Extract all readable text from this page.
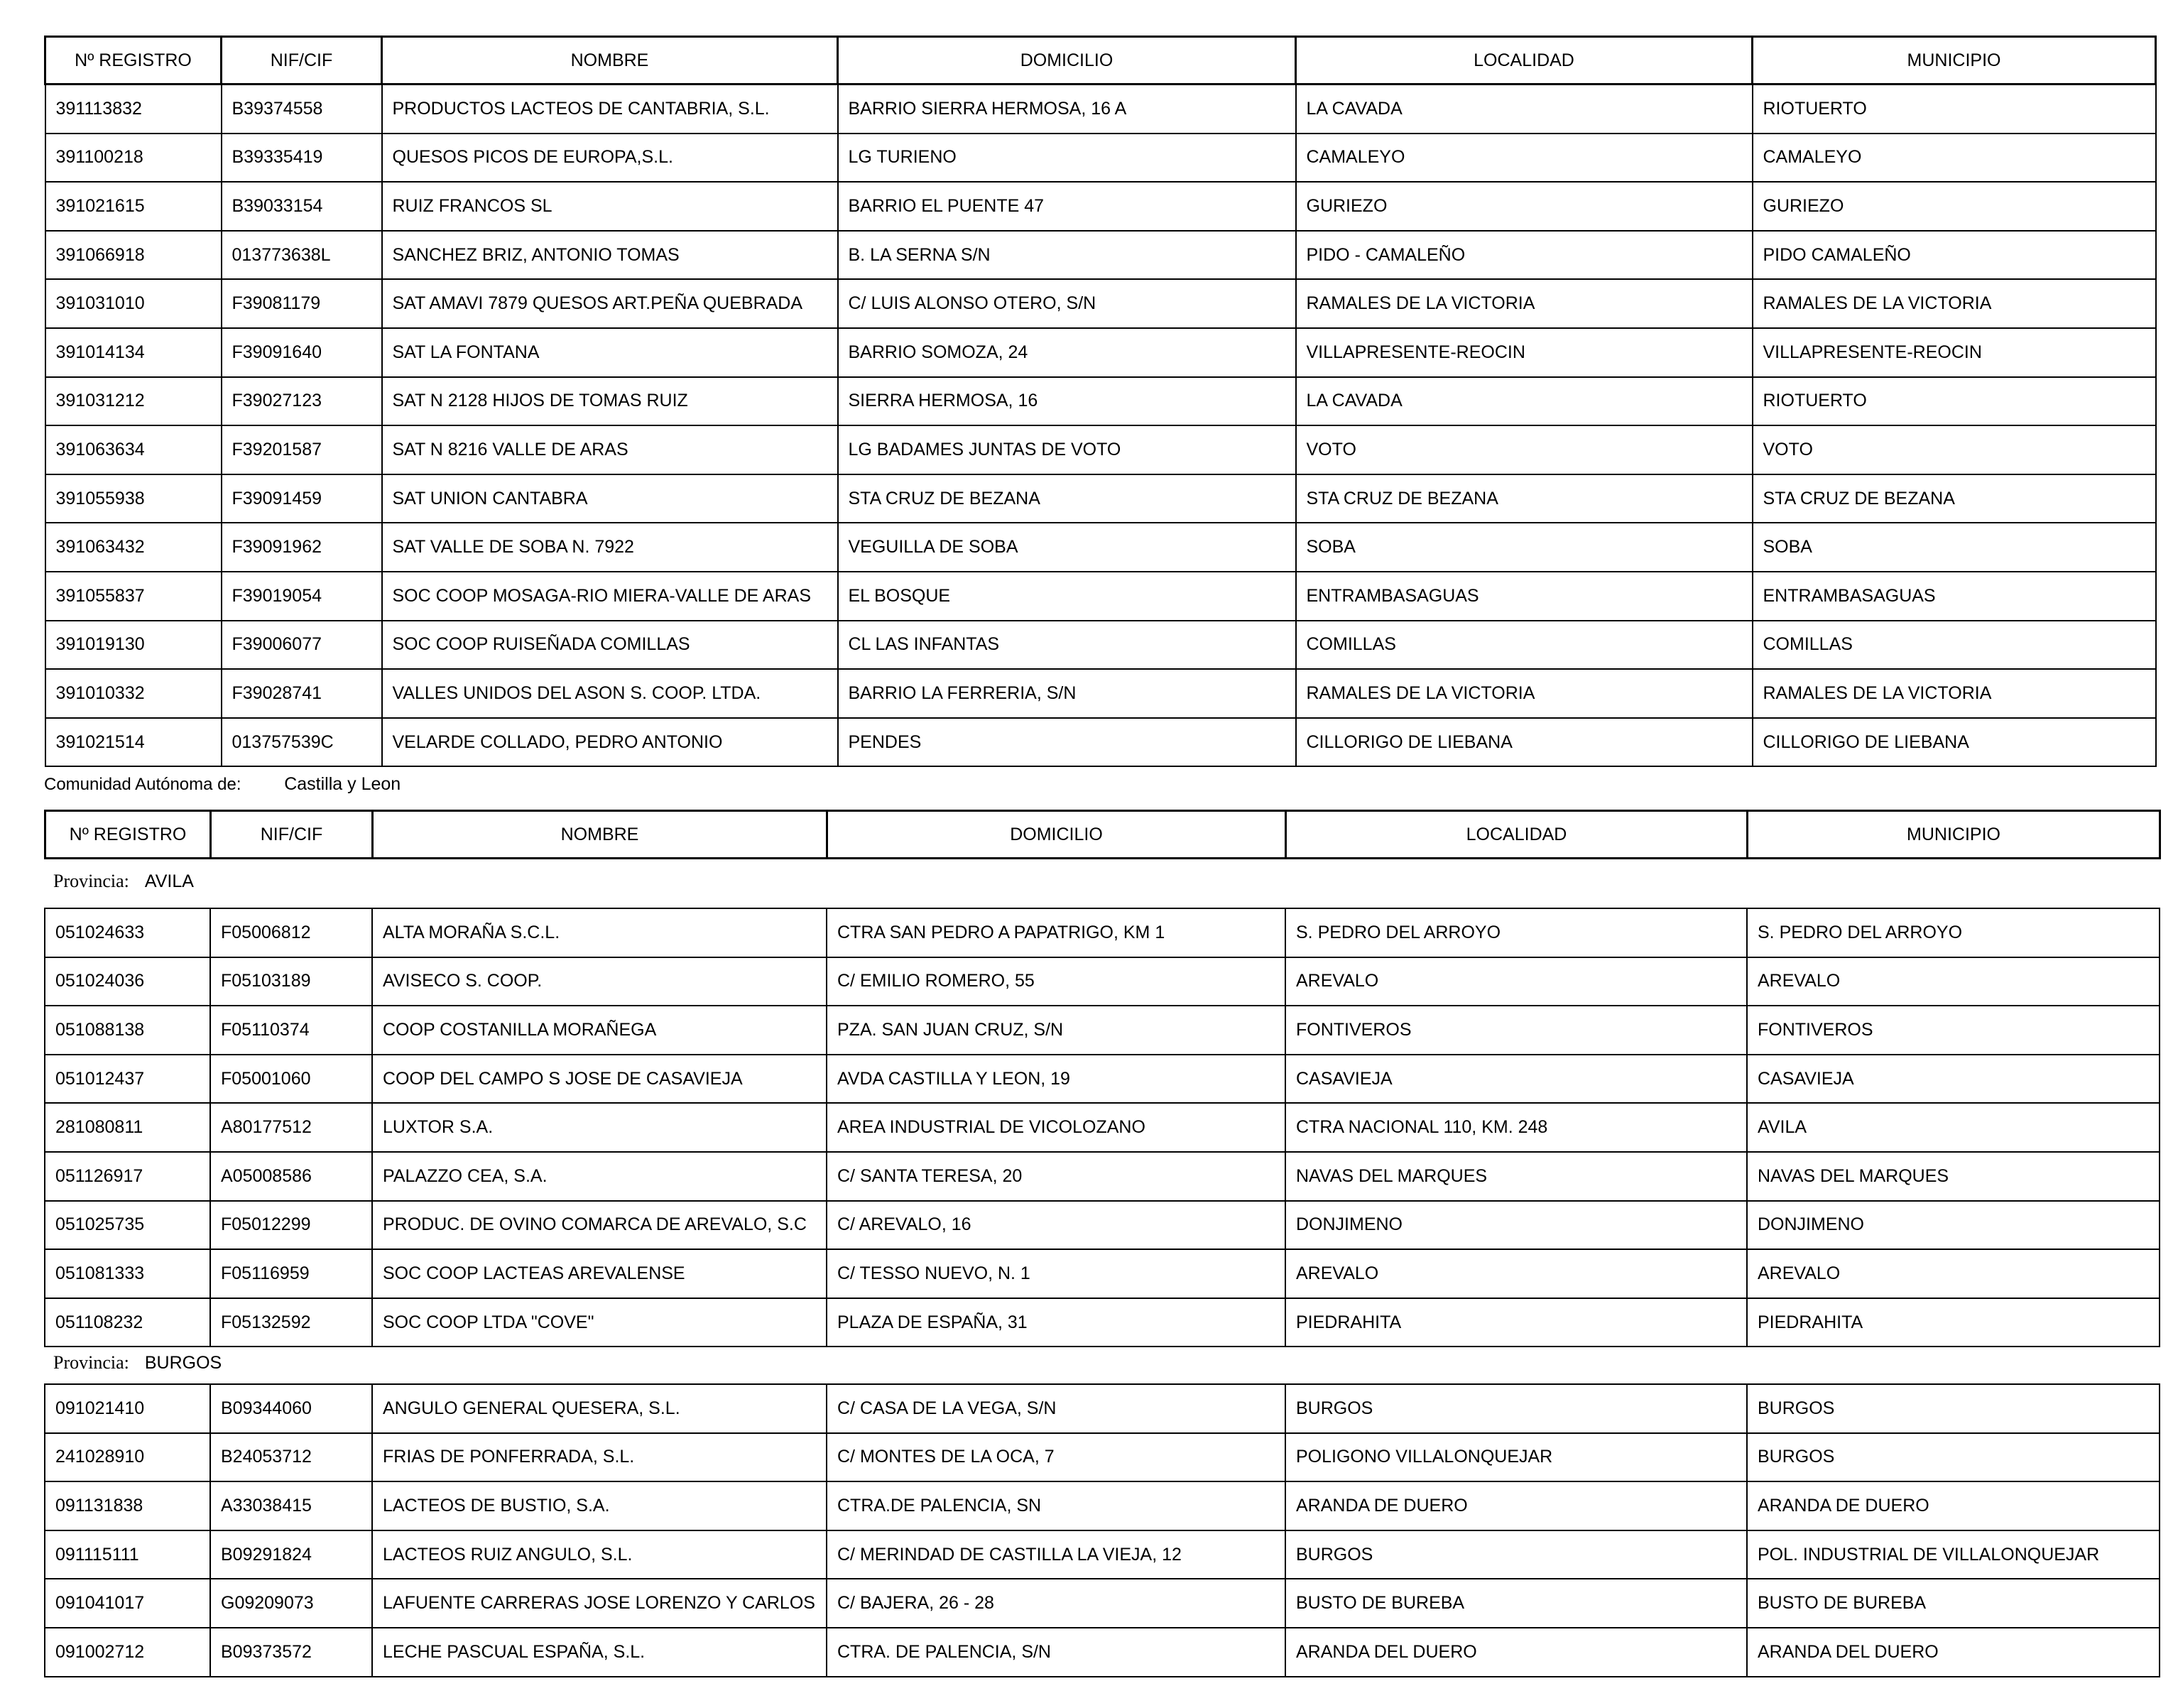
Nº REGISTRO	NIF/CIF	NOMBRE	DOMICILIO	LOCALIDAD	MUNICIPIO
391113832	B39374558	PRODUCTOS LACTEOS DE CANTABRIA, S.L.	BARRIO SIERRA HERMOSA, 16 A	LA CAVADA	RIOTUERTO
391100218	B39335419	QUESOS PICOS DE EUROPA,S.L.	LG TURIENO	CAMALEYO	CAMALEYO
391021615	B39033154	RUIZ FRANCOS SL	BARRIO EL PUENTE 47	GURIEZO	GURIEZO
391066918	013773638L	SANCHEZ BRIZ, ANTONIO TOMAS	B. LA SERNA S/N	PIDO - CAMALEÑO	PIDO CAMALEÑO
391031010	F39081179	SAT AMAVI 7879 QUESOS ART.PEÑA QUEBRADA	C/ LUIS ALONSO OTERO, S/N	RAMALES DE LA VICTORIA	RAMALES DE LA VICTORIA
391014134	F39091640	SAT LA FONTANA	BARRIO SOMOZA, 24	VILLAPRESENTE-REOCIN	VILLAPRESENTE-REOCIN
391031212	F39027123	SAT N 2128 HIJOS DE TOMAS RUIZ	SIERRA HERMOSA, 16	LA CAVADA	RIOTUERTO
391063634	F39201587	SAT N 8216 VALLE DE ARAS	LG BADAMES JUNTAS DE VOTO	VOTO	VOTO
391055938	F39091459	SAT UNION CANTABRA	STA CRUZ DE BEZANA	STA CRUZ DE BEZANA	STA CRUZ DE BEZANA
391063432	F39091962	SAT VALLE DE SOBA N. 7922	VEGUILLA DE SOBA	SOBA	SOBA
391055837	F39019054	SOC COOP MOSAGA-RIO MIERA-VALLE DE ARAS	EL BOSQUE	ENTRAMBASAGUAS	ENTRAMBASAGUAS
391019130	F39006077	SOC COOP RUISEÑADA COMILLAS	CL LAS INFANTAS	COMILLAS	COMILLAS
391010332	F39028741	VALLES UNIDOS DEL ASON S. COOP. LTDA.	BARRIO LA FERRERIA, S/N	RAMALES DE LA VICTORIA	RAMALES DE LA VICTORIA
391021514	013757539C	VELARDE COLLADO, PEDRO ANTONIO	PENDES	CILLORIGO DE LIEBANA	CILLORIGO DE LIEBANA
Comunidad Autónoma de: Castilla y Leon
Nº REGISTRO	NIF/CIF	NOMBRE	DOMICILIO	LOCALIDAD	MUNICIPIO
Provincia: AVILA
051024633	F05006812	ALTA MORAÑA S.C.L.	CTRA SAN PEDRO A PAPATRIGO, KM 1	S. PEDRO DEL ARROYO	S. PEDRO DEL ARROYO
051024036	F05103189	AVISECO S. COOP.	C/ EMILIO ROMERO, 55	AREVALO	AREVALO
051088138	F05110374	COOP COSTANILLA MORAÑEGA	PZA. SAN JUAN CRUZ, S/N	FONTIVEROS	FONTIVEROS
051012437	F05001060	COOP DEL CAMPO S JOSE DE CASAVIEJA	AVDA CASTILLA Y LEON, 19	CASAVIEJA	CASAVIEJA
281080811	A80177512	LUXTOR S.A.	AREA INDUSTRIAL DE VICOLOZANO	CTRA NACIONAL 110, KM. 248	AVILA
051126917	A05008586	PALAZZO CEA, S.A.	C/ SANTA TERESA, 20	NAVAS DEL MARQUES	NAVAS DEL MARQUES
051025735	F05012299	PRODUC. DE OVINO COMARCA DE AREVALO, S.C	C/ AREVALO, 16	DONJIMENO	DONJIMENO
051081333	F05116959	SOC COOP LACTEAS AREVALENSE	C/ TESSO NUEVO, N. 1	AREVALO	AREVALO
051108232	F05132592	SOC COOP LTDA "COVE"	PLAZA DE ESPAÑA, 31	PIEDRAHITA	PIEDRAHITA
Provincia: BURGOS
091021410	B09344060	ANGULO GENERAL QUESERA, S.L.	C/ CASA DE LA VEGA, S/N	BURGOS	BURGOS
241028910	B24053712	FRIAS DE PONFERRADA, S.L.	C/ MONTES DE LA OCA, 7	POLIGONO VILLALONQUEJAR	BURGOS
091131838	A33038415	LACTEOS DE BUSTIO, S.A.	CTRA.DE PALENCIA, SN	ARANDA DE DUERO	ARANDA DE DUERO
091115111	B09291824	LACTEOS RUIZ ANGULO, S.L.	C/ MERINDAD DE CASTILLA LA VIEJA, 12	BURGOS	POL. INDUSTRIAL DE VILLALONQUEJAR
091041017	G09209073	LAFUENTE CARRERAS JOSE LORENZO Y CARLOS	C/ BAJERA, 26 - 28	BUSTO DE BUREBA	BUSTO DE BUREBA
091002712	B09373572	LECHE PASCUAL ESPAÑA, S.L.	CTRA. DE PALENCIA, S/N	ARANDA DEL DUERO	ARANDA DEL DUERO
